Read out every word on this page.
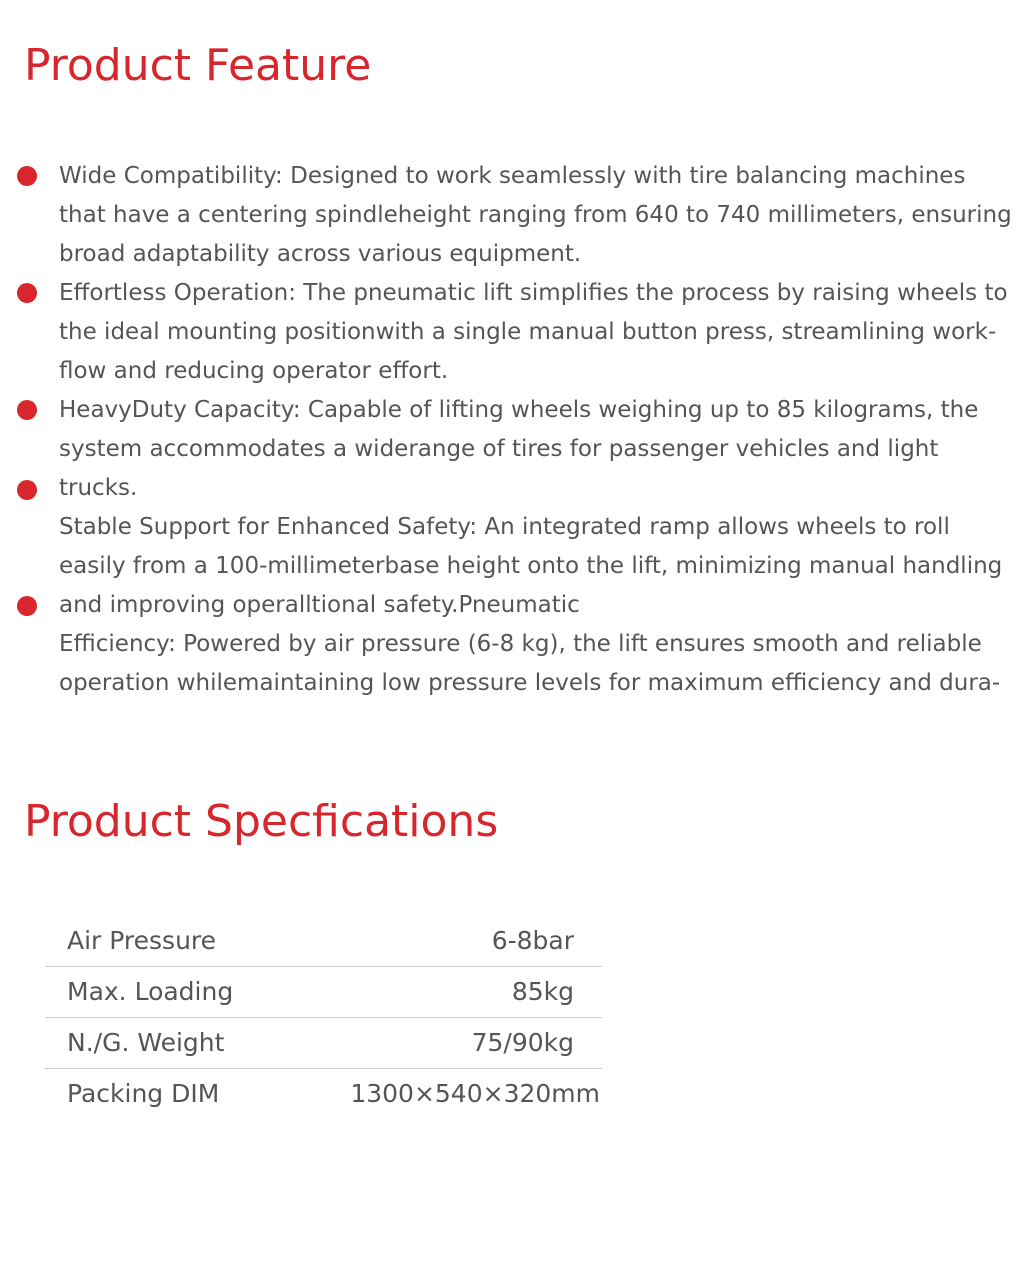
Product Feature
Wide Compatibility: Designed to work seamlessly with tire balancing machines
that have a centering spindleheight ranging from 640 to 740 millimeters, ensuring
broad adaptability across various equipment.
Effortless Operation: The pneumatic lift simplifies the process by raising wheels to
the ideal mounting positionwith a single manual button press, streamlining work-
flow and reducing operator effort.
HeavyDuty Capacity: Capable of lifting wheels weighing up to 85 kilograms, the
system accommodates a widerange of tires for passenger vehicles and light
trucks.
Stable Support for Enhanced Safety: An integrated ramp allows wheels to roll
easily from a 100-millimeterbase height onto the lift, minimizing manual handling
and improving operalltional safety.Pneumatic
Efficiency: Powered by air pressure (6-8 kg), the lift ensures smooth and reliable
operation whilemaintaining low pressure levels for maximum efficiency and dura-
Product Specfications
Air Pressure	6-8bar
Max. Loading	85kg
N./G. Weight	75/90kg
Packing DIM	1300×540×320mm
